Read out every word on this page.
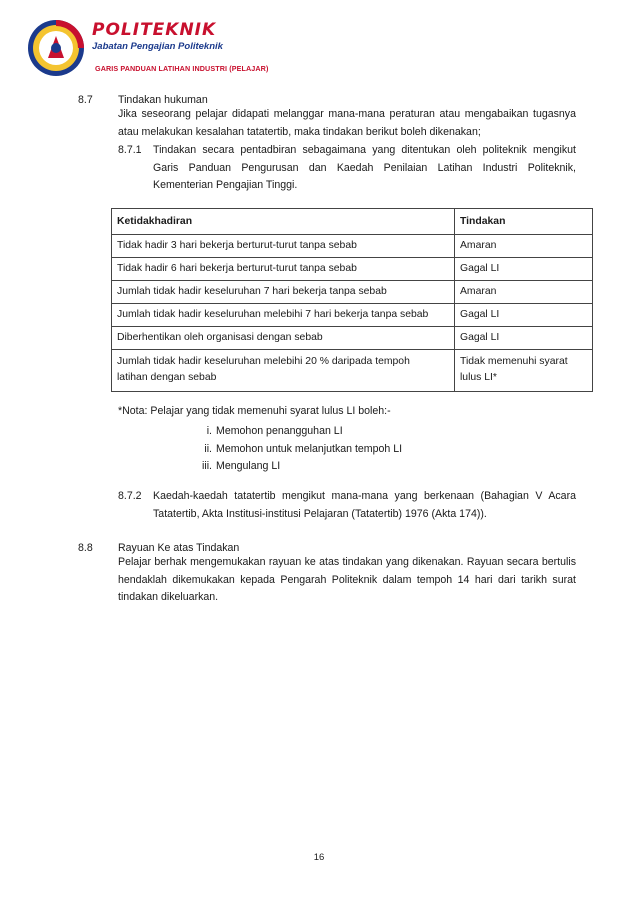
POLITEKNIK
Jabatan Pengajian Politeknik
GARIS PANDUAN LATIHAN INDUSTRI (PELAJAR)
8.7 Tindakan hukuman
Jika seseorang pelajar didapati melanggar mana-mana peraturan atau mengabaikan tugasnya
atau melakukan kesalahan tatatertib, maka tindakan berikut boleh dikenakan;
8.7.1 Tindakan secara pentadbiran sebagaimana yang ditentukan oleh politeknik mengikut
Garis Panduan Pengurusan dan Kaedah Penilaian Latihan Industri Politeknik,
Kementerian Pengajian Tinggi.
Ketidakhadiran	Tindakan
Tidak hadir 3 hari bekerja berturut-turut tanpa sebab	Amaran
Tidak hadir 6 hari bekerja berturut-turut tanpa sebab	Gagal LI
Jumlah tidak hadir keseluruhan 7 hari bekerja tanpa sebab	Amaran
Jumlah tidak hadir keseluruhan melebihi 7 hari bekerja tanpa sebab	Gagal LI
Diberhentikan oleh organisasi dengan sebab	Gagal LI

Jumlah tidak hadir keseluruhan melebihi 20 % daripada tempoh
latihan dengan sebab	Tidak memenuhi syarat
lulus LI*
*Nota: Pelajar yang tidak memenuhi syarat lulus LI boleh:-
i. Memohon penangguhan LI
ii. Memohon untuk melanjutkan tempoh LI
iii. Mengulang LI
8.7.2 Kaedah-kaedah tatatertib mengikut mana-mana yang berkenaan (Bahagian V Acara
Tatatertib, Akta Institusi-institusi Pelajaran (Tatatertib) 1976 (Akta 174)).
8.8 Rayuan Ke atas Tindakan
Pelajar berhak mengemukakan rayuan ke atas tindakan yang dikenakan. Rayuan secara bertulis
hendaklah dikemukakan kepada Pengarah Politeknik dalam tempoh 14 hari dari tarikh surat
tindakan dikeluarkan.
16
